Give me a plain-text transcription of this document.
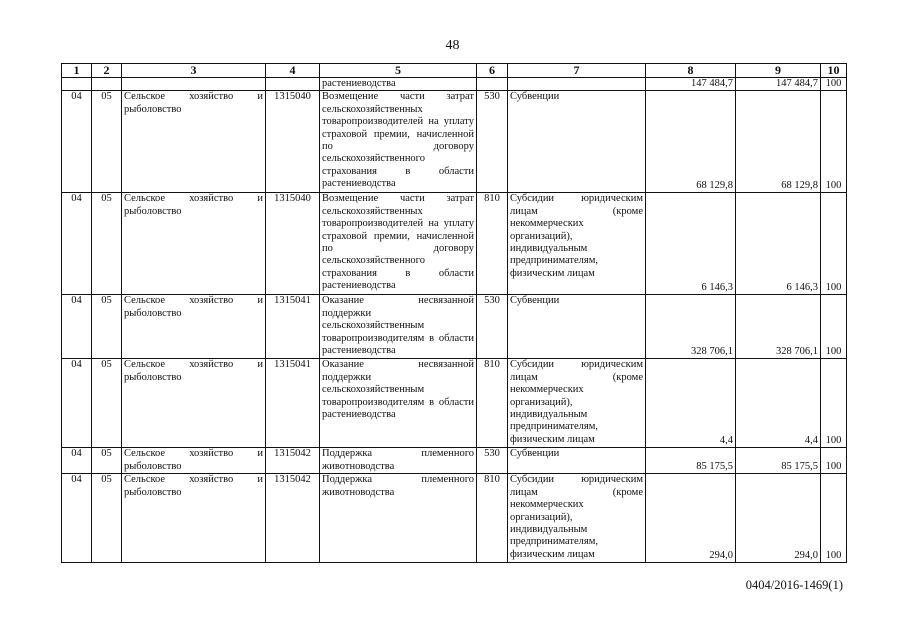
48
1	2	3	4	5	6	7	8	9	10
				растениеводства			147 484,7	147 484,7	100
04	05	Сельское хозяйство и рыболовство	1315040	Возмещение части затрат сельскохозяйственных товаропроизводителей на уплату страховой премии, начисленной по договору сельскохозяйственного страхования в области растениеводства	530	Субвенции	68 129,8	68 129,8	100
04	05	Сельское хозяйство и рыболовство	1315040	Возмещение части затрат сельскохозяйственных товаропроизводителей на уплату страховой премии, начисленной по договору сельскохозяйственного страхования в области растениеводства	810	Субсидии юридическим лицам (кроме некоммерческих организаций), индивидуальным предпринимателям, физическим лицам	6 146,3	6 146,3	100
04	05	Сельское хозяйство и рыболовство	1315041	Оказание несвязанной поддержки сельскохозяйственным товаропроизводителям в области растениеводства	530	Субвенции	328 706,1	328 706,1	100
04	05	Сельское хозяйство и рыболовство	1315041	Оказание несвязанной поддержки сельскохозяйственным товаропроизводителям в области растениеводства	810	Субсидии юридическим лицам (кроме некоммерческих организаций), индивидуальным предпринимателям, физическим лицам	4,4	4,4	100
04	05	Сельское хозяйство и рыболовство	1315042	Поддержка племенного животноводства	530	Субвенции	85 175,5	85 175,5	100
04	05	Сельское хозяйство и рыболовство	1315042	Поддержка племенного животноводства	810	Субсидии юридическим лицам (кроме некоммерческих организаций), индивидуальным предпринимателям, физическим лицам	294,0	294,0	100
0404/2016-1469(1)
